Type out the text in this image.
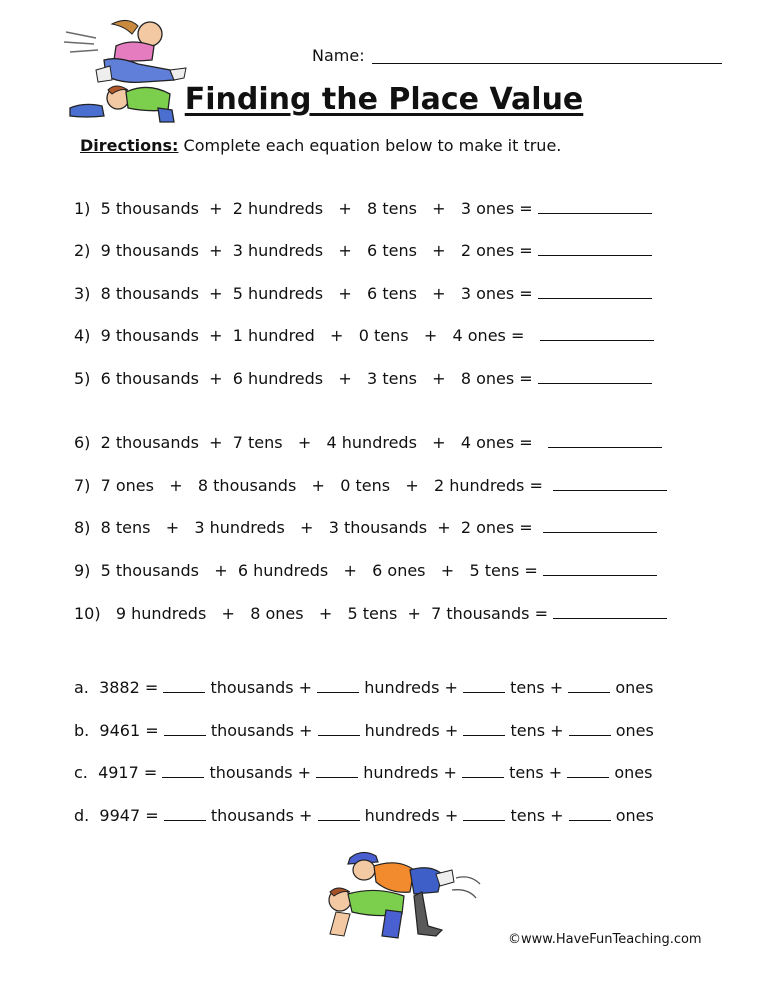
Name:
Finding the Place Value
Directions: Complete each equation below to make it true.
1) 5 thousands  +  2 hundreds   +   8 tens   +   3 ones =
2) 9 thousands  +  3 hundreds   +   6 tens   +   2 ones =
3) 8 thousands  +  5 hundreds   +   6 tens   +   3 ones =
4) 9 thousands  +  1 hundred   +   0 tens   +   4 ones =
5) 6 thousands  +  6 hundreds   +   3 tens   +   8 ones =
6) 2 thousands  +  7 tens   +   4 hundreds   +   4 ones =
7) 7 ones   +   8 thousands   +   0 tens   +   2 hundreds =
8) 8 tens   +   3 hundreds   +   3 thousands  +  2 ones =
9) 5 thousands   +  6 hundreds   +   6 ones   +   5 tens =
10) 9 hundreds   +   8 ones   +   5 tens  +  7 thousands =
a. 3882 =	thousands +	hundreds +	tens +	ones
b. 9461 =	thousands +	hundreds +	tens +	ones
c. 4917 =	thousands +	hundreds +	tens +	ones
d. 9947 =	thousands +	hundreds +	tens +	ones
©www.HaveFunTeaching.com
